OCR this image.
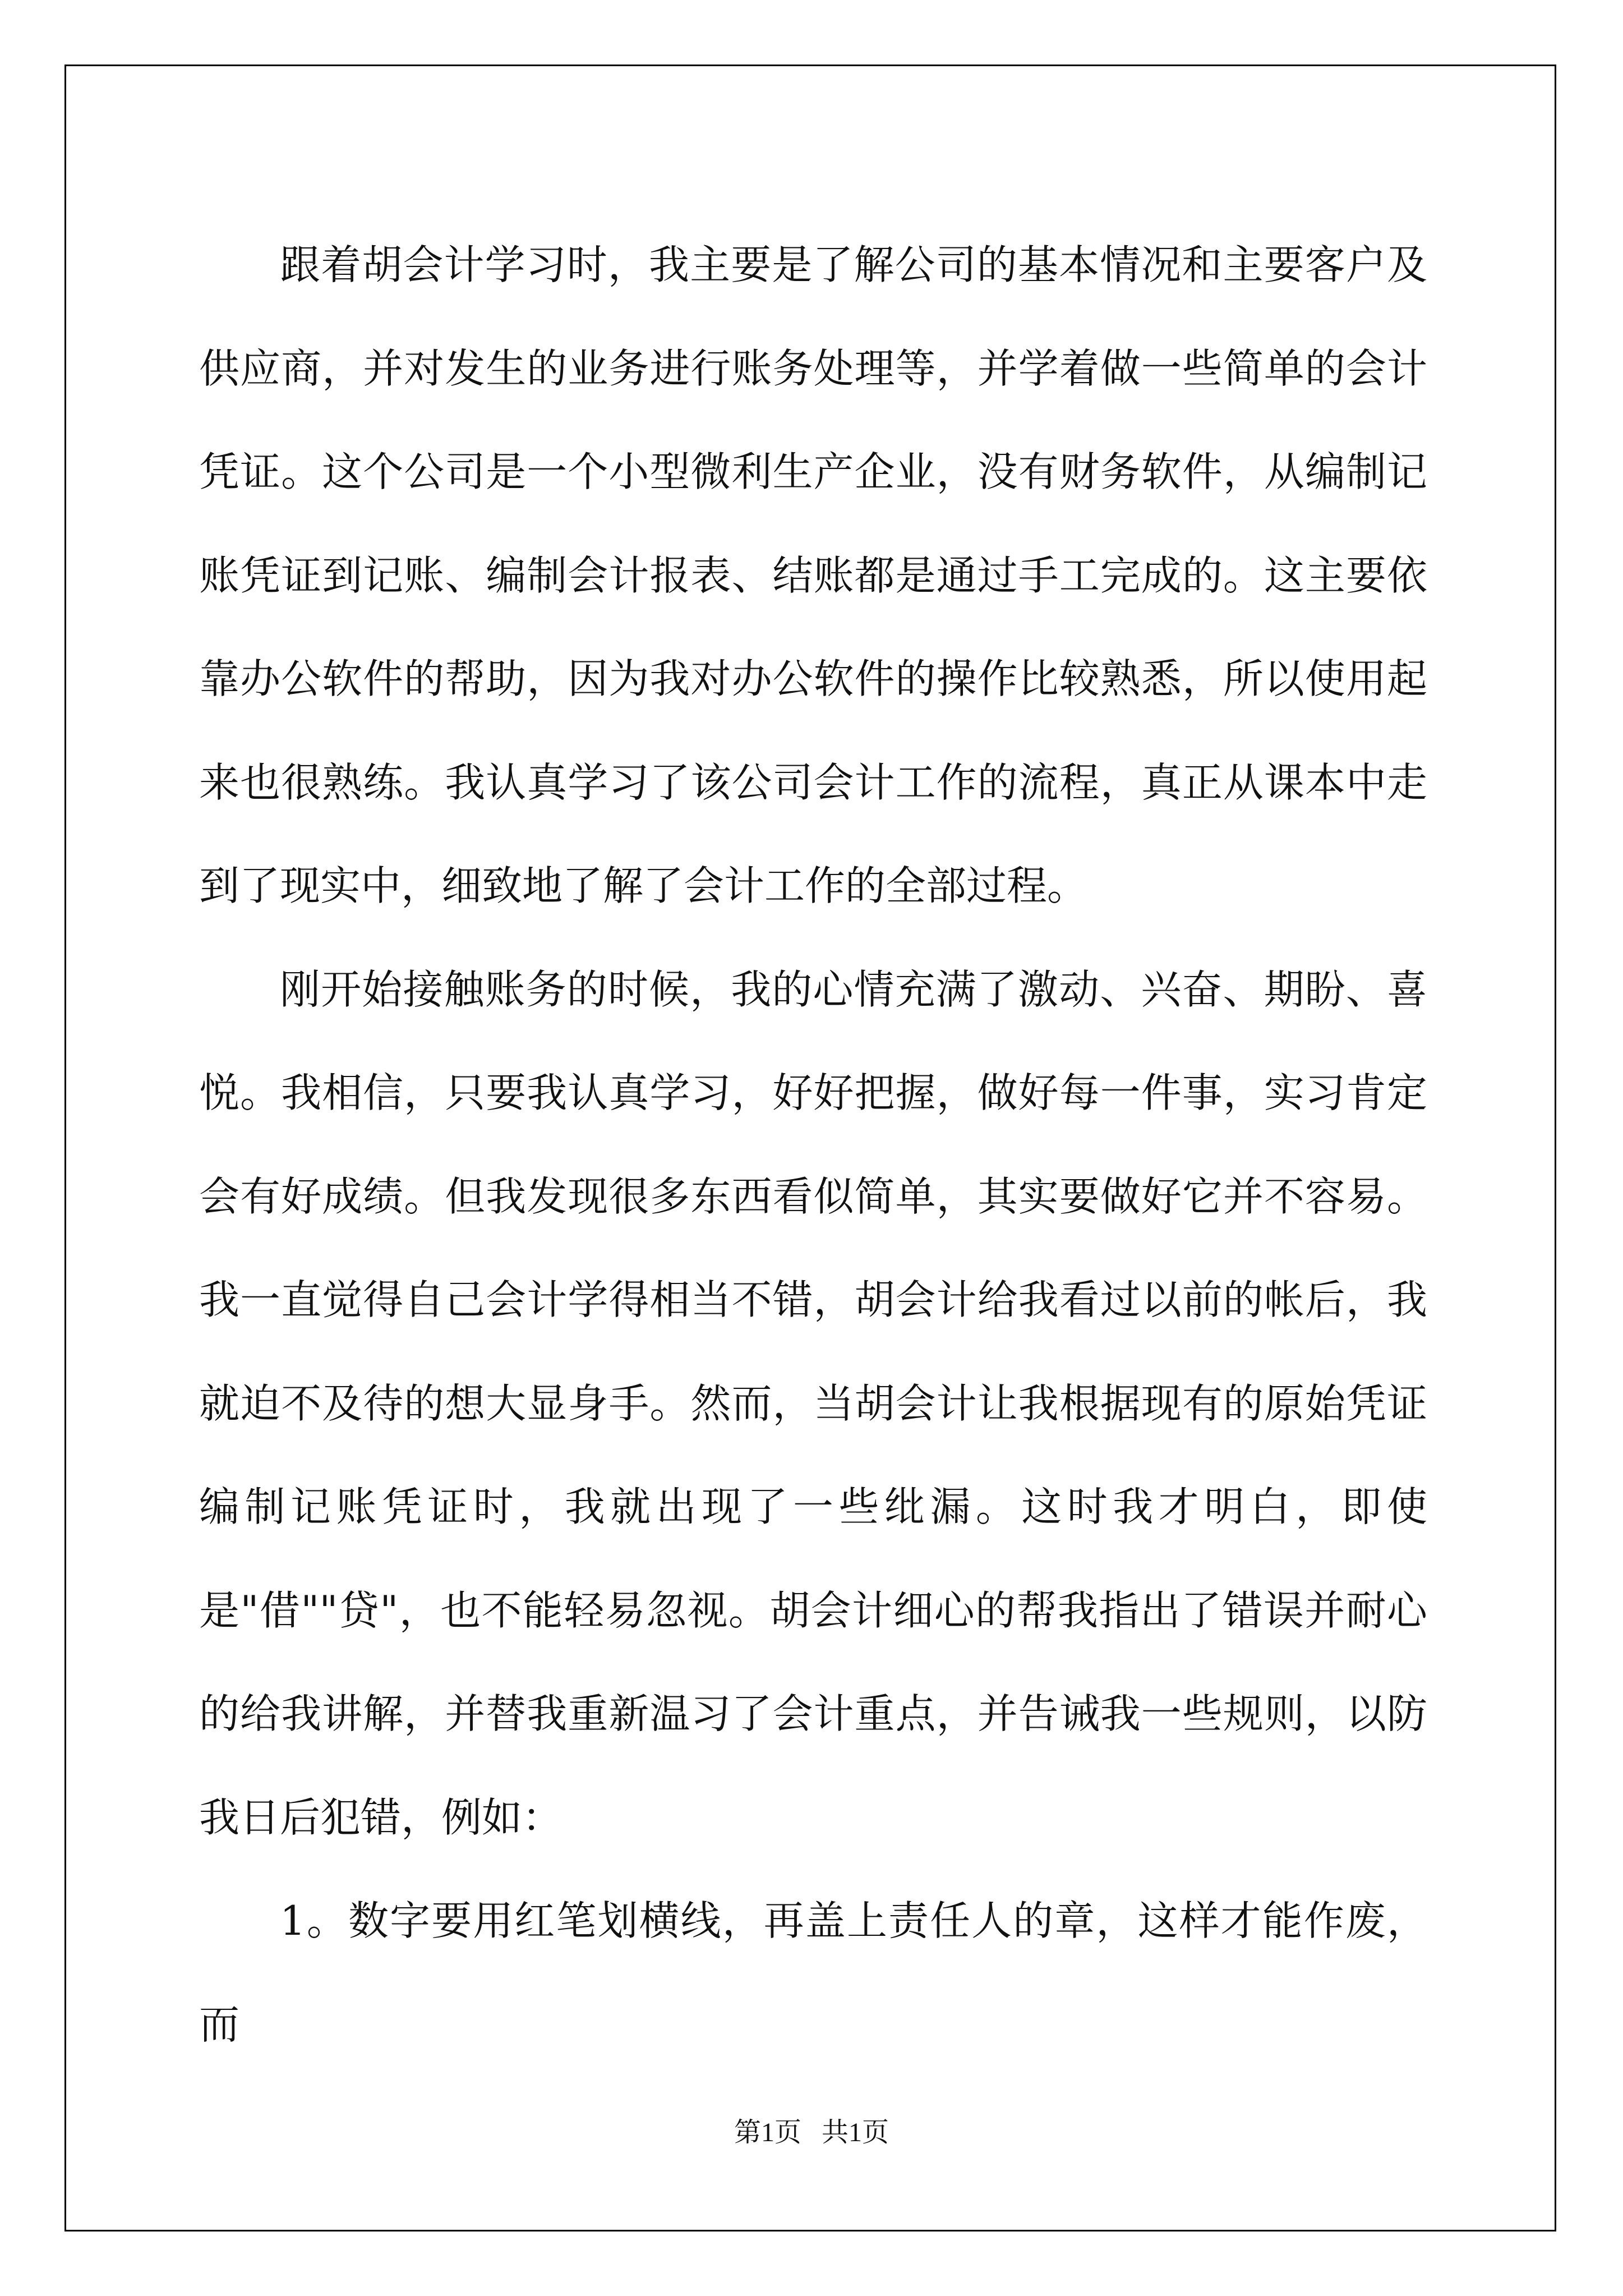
跟着胡会计学习时，我主要是了解公司的基本情况和主要客户及供应商，并对发生的业务进行账务处理等，并学着做一些简单的会计凭证。这个公司是一个小型微利生产企业，没有财务软件，从编制记账凭证到记账、编制会计报表、结账都是通过手工完成的。这主要依靠办公软件的帮助，因为我对办公软件的操作比较熟悉，所以使用起来也很熟练。我认真学习了该公司会计工作的流程，真正从课本中走到了现实中，细致地了解了会计工作的全部过程。

刚开始接触账务的时候，我的心情充满了激动、兴奋、期盼、喜悦。我相信，只要我认真学习，好好把握，做好每一件事，实习肯定会有好成绩。但我发现很多东西看似简单，其实要做好它并不容易。我一直觉得自己会计学得相当不错，胡会计给我看过以前的帐后，我就迫不及待的想大显身手。然而，当胡会计让我根据现有的原始凭证编制记账凭证时，我就出现了一些纰漏。这时我才明白，即使是"借""贷"，也不能轻易忽视。胡会计细心的帮我指出了错误并耐心的给我讲解，并替我重新温习了会计重点，并告诫我一些规则，以防我日后犯错，例如：

1。数字要用红笔划横线，再盖上责任人的章，这样才能作废，而

第1页   共1页
